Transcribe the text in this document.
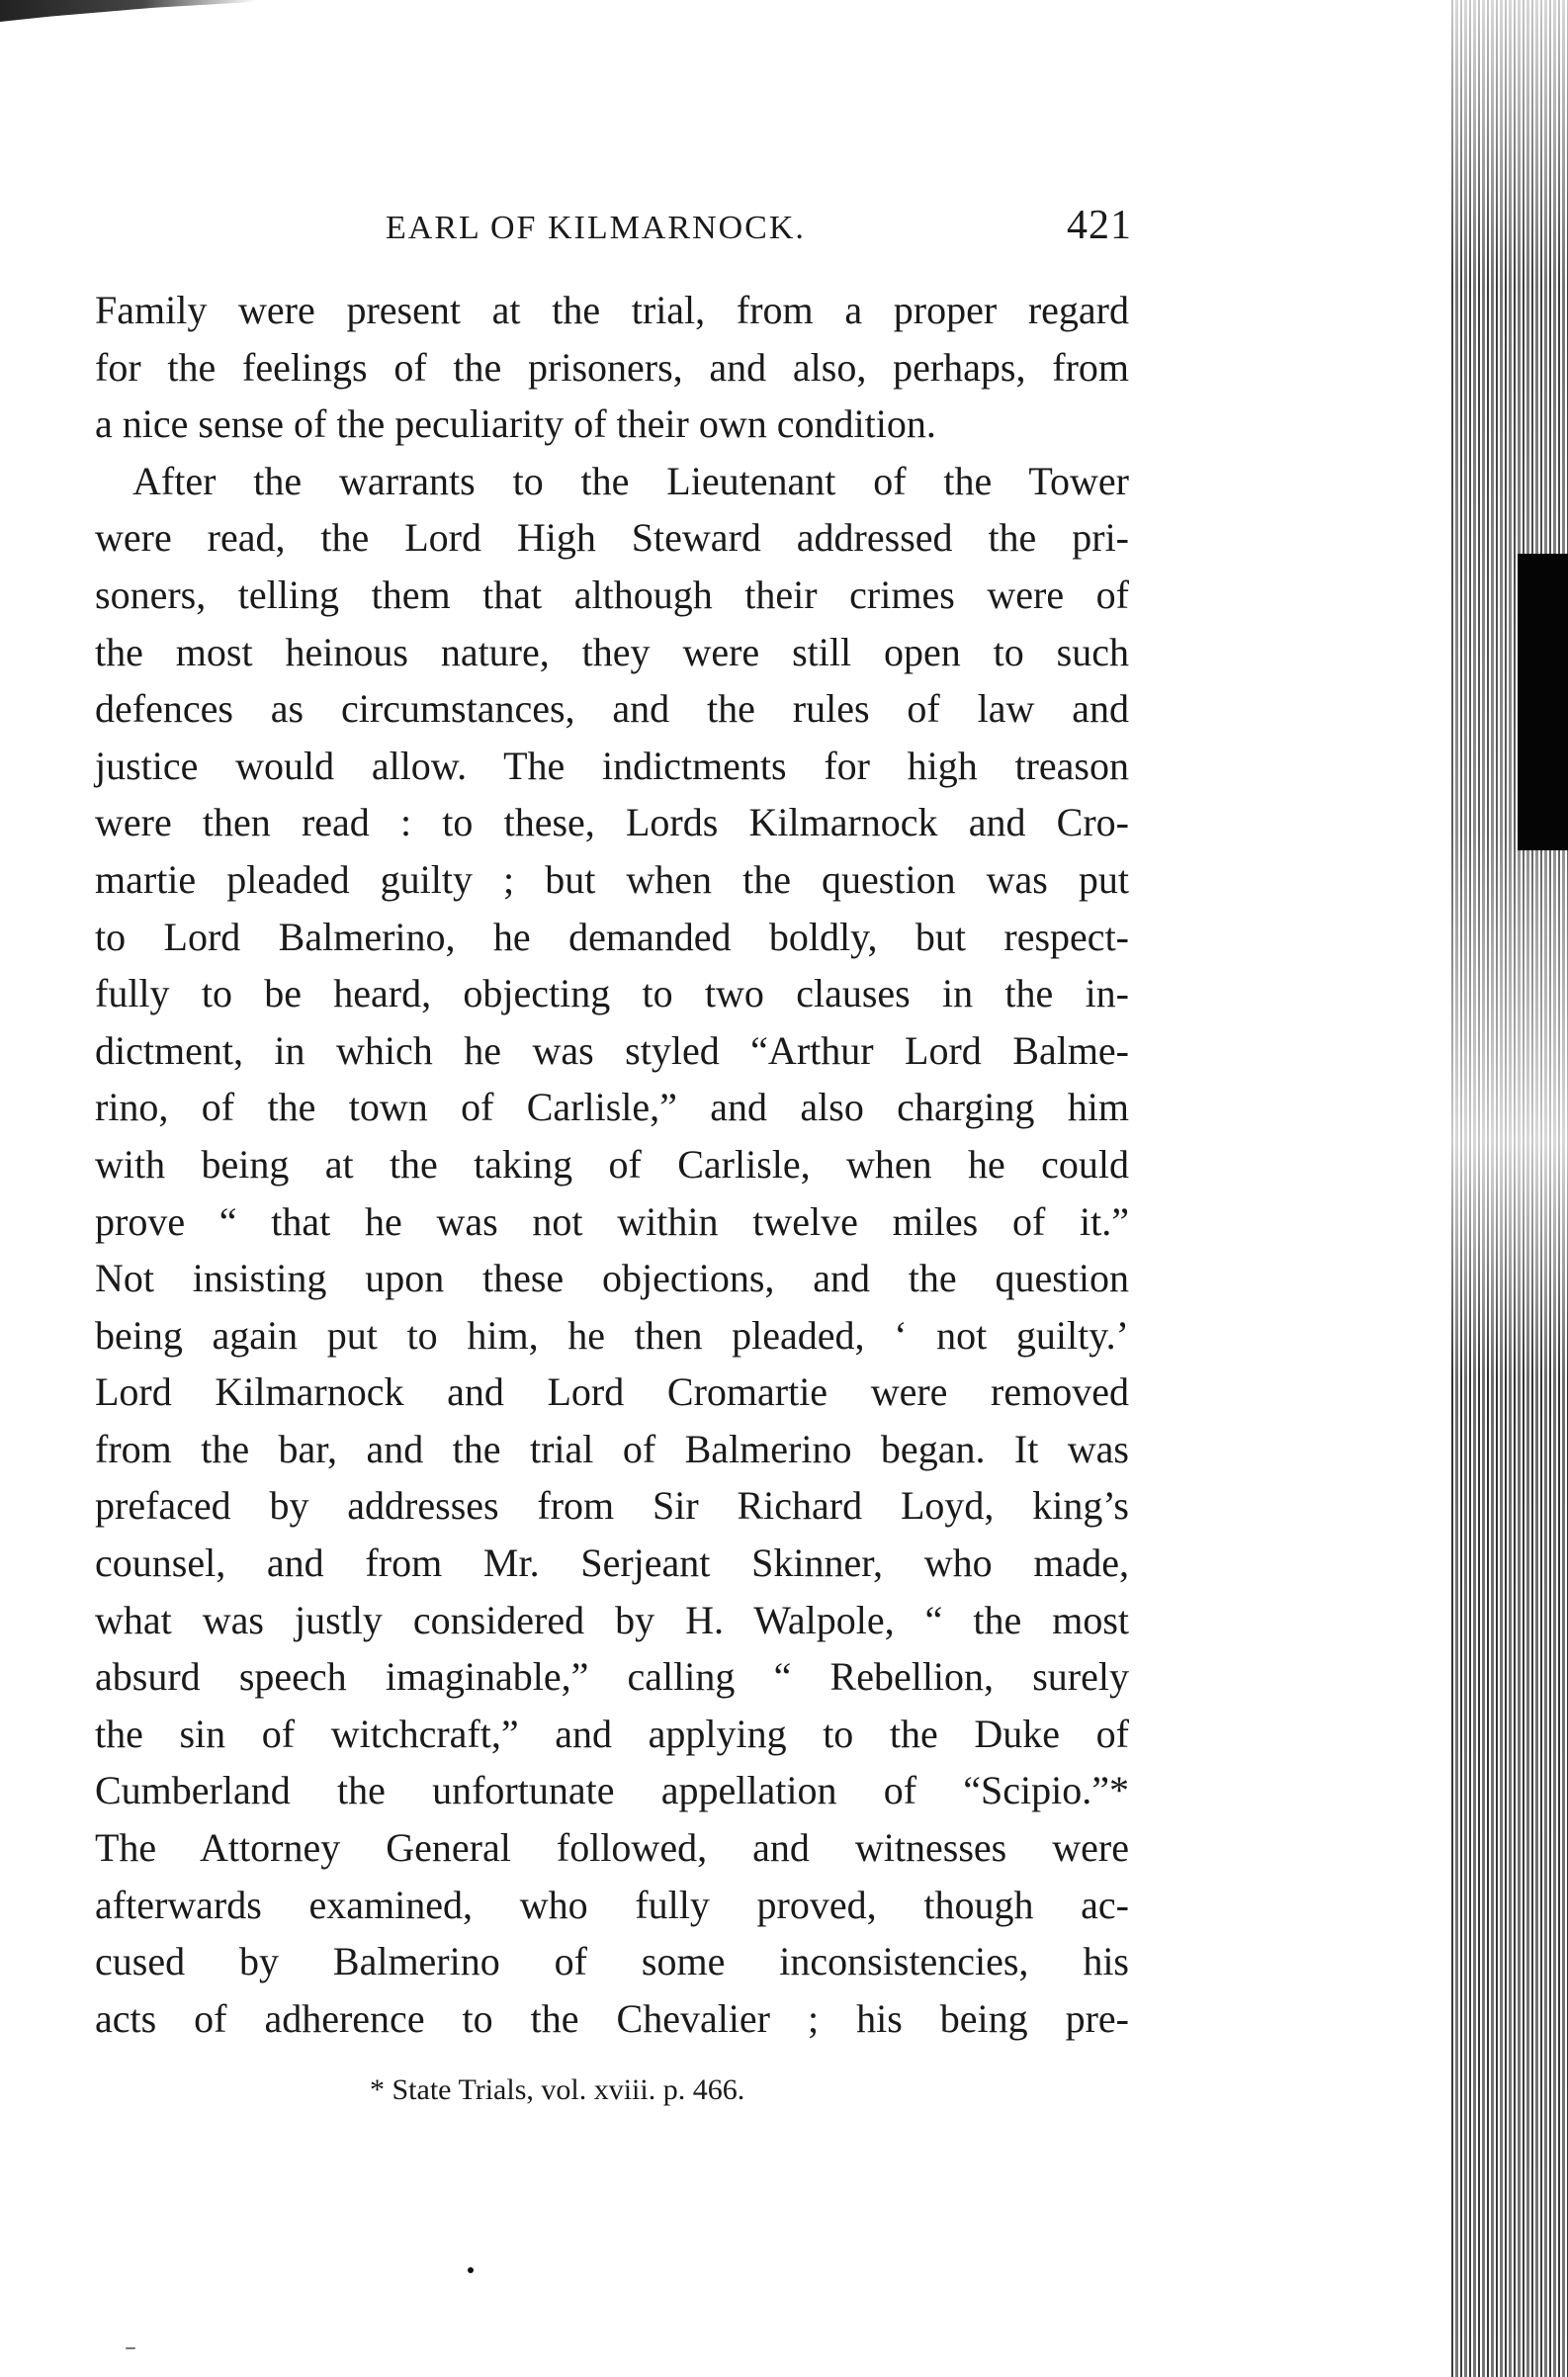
EARL OF KILMARNOCK.	421
Family were present at the trial, from a proper regard
for the feelings of the prisoners, and also, perhaps, from
a nice sense of the peculiarity of their own condition.
After the warrants to the Lieutenant of the Tower
were read, the Lord High Steward addressed the pri-
soners, telling them that although their crimes were of
the most heinous nature, they were still open to such
defences as circumstances, and the rules of law and
justice would allow. The indictments for high treason
were then read : to these, Lords Kilmarnock and Cro-
martie pleaded guilty ; but when the question was put
to Lord Balmerino, he demanded boldly, but respect-
fully to be heard, objecting to two clauses in the in-
dictment, in which he was styled “Arthur Lord Balme-
rino, of the town of Carlisle,” and also charging him
with being at the taking of Carlisle, when he could
prove “ that he was not within twelve miles of it.”
Not insisting upon these objections, and the question
being again put to him, he then pleaded, ‘ not guilty.’
Lord Kilmarnock and Lord Cromartie were removed
from the bar, and the trial of Balmerino began. It was
prefaced by addresses from Sir Richard Loyd, king’s
counsel, and from Mr. Serjeant Skinner, who made,
what was justly considered by H. Walpole, “ the most
absurd speech imaginable,” calling “ Rebellion, surely
the sin of witchcraft,” and applying to the Duke of
Cumberland the unfortunate appellation of “Scipio.”*
The Attorney General followed, and witnesses were
afterwards examined, who fully proved, though ac-
cused by Balmerino of some inconsistencies, his
acts of adherence to the Chevalier ; his being pre-
* State Trials, vol. xviii. p. 466.
